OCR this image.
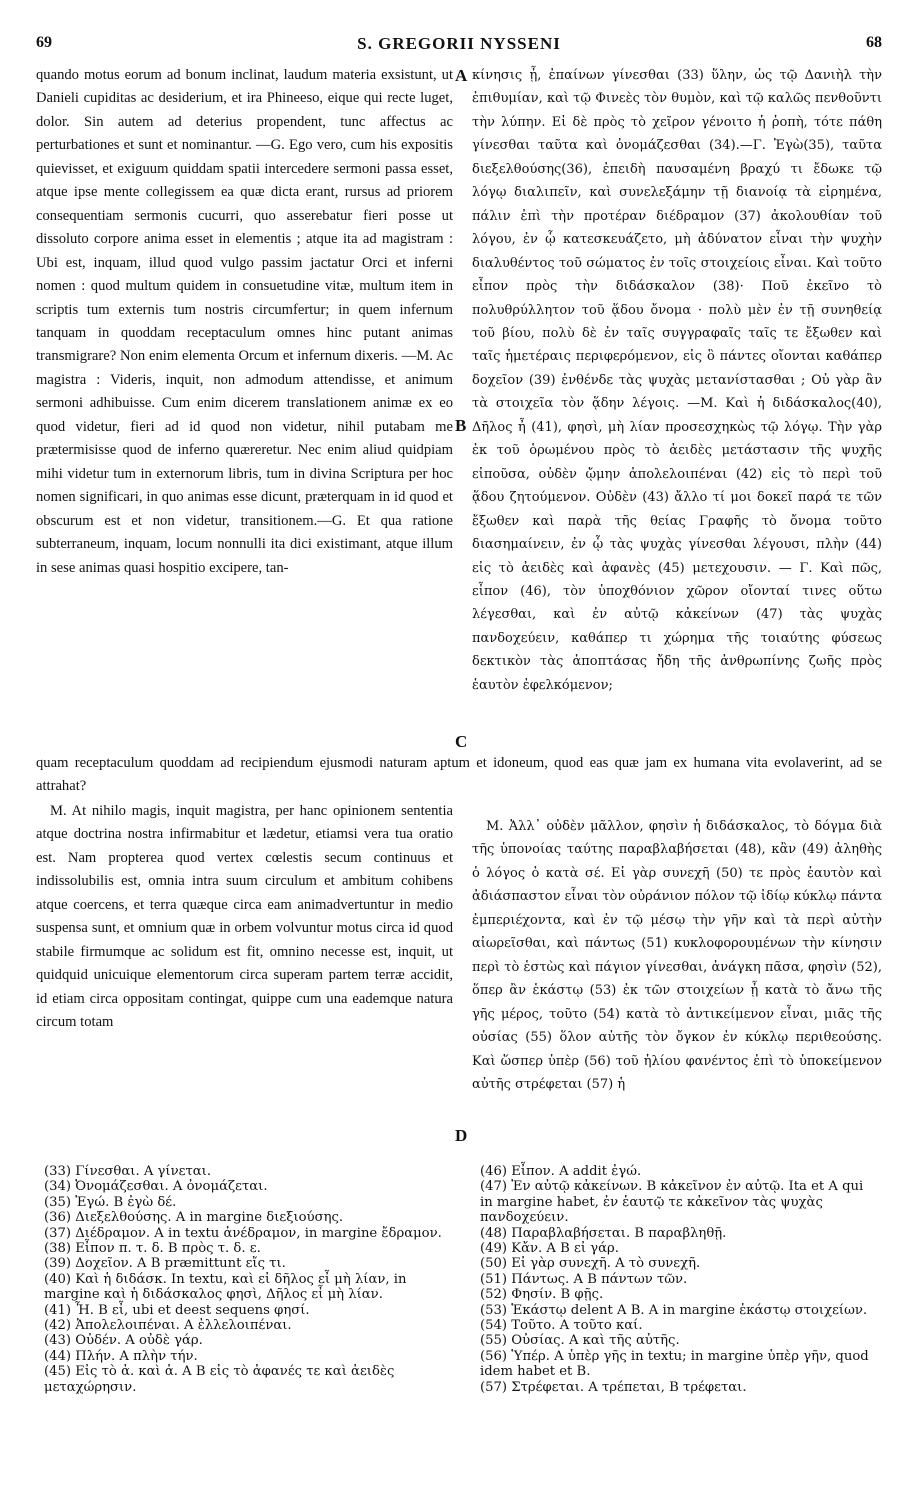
69	S. GREGORII NYSSENI	68

quando motus eorum ad bonum inclinat, laudum materia exsistunt, ut Danieli cupiditas ac desiderium, et ira Phineeso, eique qui recte luget, dolor. Sin autem ad deterius propendent, tunc affectus ac perturbationes et sunt et nominantur. —G. Ego vero, cum his expositis quievisset, et exiguum quiddam spatii intercedere sermoni passa esset, atque ipse mente collegissem ea quæ dicta erant, rursus ad priorem consequentiam sermonis cucurri, quo asserebatur fieri posse ut dissoluto corpore anima esset in elementis ; atque ita ad magistram : Ubi est, inquam, illud quod vulgo passim jactatur Orci et inferni nomen : quod multum quidem in consuetudine vitæ, multum item in scriptis tum externis tum nostris circumfertur; in quem infernum tanquam in quoddam receptaculum omnes hinc putant animas transmigrare? Non enim elementa Orcum et infernum dixeris. —M. Ac magistra : Videris, inquit, non admodum attendisse, et animum sermoni adhibuisse. Cum enim dicerem translationem animæ ex eo quod videtur, fieri ad id quod non videtur, nihil putabam me prætermisisse quod de inferno quæreretur. Nec enim aliud quidpiam mihi videtur tum in externorum libris, tum in divina Scriptura per hoc nomen significari, in quo animas esse dicunt, præterquam in id quod et obscurum est et non videtur, transitionem.—G. Et qua ratione subterraneum, inquam, locum nonnulli ita dici existimant, atque illum in sese animas quasi hospitio excipere, tan-

κίνησις ᾖ, ἐπαίνων γίνεσθαι (33) ὕλην, ὡς τῷ Δανιὴλ τὴν ἐπιθυμίαν, καὶ τῷ Φινεὲς τὸν θυμὸν, καὶ τῷ καλῶς πενθοῦντι τὴν λύπην. Εἰ δὲ πρὸς τὸ χεῖρον γένοιτο ἡ ῥοπὴ, τότε πάθη γίνεσθαι ταῦτα καὶ ὀνομάζεσθαι (34).—Γ. Ἐγὼ(35), ταῦτα διεξελθούσης(36), ἐπειδὴ παυσαμένη βραχύ τι ἔδωκε τῷ λόγῳ διαλιπεῖν, καὶ συνελεξάμην τῇ διανοίᾳ τὰ εἰρημένα, πάλιν ἐπὶ τὴν προτέραν διέδραμον (37) ἀκολουθίαν τοῦ λόγου, ἐν ᾧ κατεσκευάζετο, μὴ ἀδύνατον εἶναι τὴν ψυχὴν διαλυθέντος τοῦ σώματος ἐν τοῖς στοιχείοις εἶναι. Καὶ τοῦτο εἶπον πρὸς τὴν διδάσκαλον (38)· Ποῦ ἐκεῖνο τὸ πολυθρύλλητον τοῦ ᾅδου ὄνομα · πολὺ μὲν ἐν τῇ συνηθείᾳ τοῦ βίου, πολὺ δὲ ἐν ταῖς συγγραφαῖς ταῖς τε ἔξωθεν καὶ ταῖς ἡμετέραις περιφερόμενον, εἰς ὃ πάντες οἴονται καθάπερ δοχεῖον (39) ἐνθένδε τὰς ψυχὰς μετανίστασθαι ; Οὐ γὰρ ἂν τὰ στοιχεῖα τὸν ᾅδην λέγοις. —Μ. Καὶ ἡ διδάσκαλος(40), Δῆλος ἦ (41), φησὶ, μὴ λίαν προσεσχηκὼς τῷ λόγῳ. Τὴν γὰρ ἐκ τοῦ ὁρωμένου πρὸς τὸ ἀειδὲς μετάστασιν τῆς ψυχῆς εἰποῦσα, οὐδὲν ᾤμην ἀπολελοιπέναι (42) εἰς τὸ περὶ τοῦ ᾅδου ζητούμενον. Οὐδὲν (43) ἄλλο τί μοι δοκεῖ παρά τε τῶν ἔξωθεν καὶ παρὰ τῆς θείας Γραφῆς τὸ ὄνομα τοῦτο διασημαίνειν, ἐν ᾧ τὰς ψυχὰς γίνεσθαι λέγουσι, πλὴν (44) εἰς τὸ ἀειδὲς καὶ ἀφανὲς (45) μετεχουσιν. — Γ. Καὶ πῶς, εἶπον (46), τὸν ὑποχθόνιον χῶρον οἴονταί τινες οὕτω λέγεσθαι, καὶ ἐν αὐτῷ κἀκείνων (47) τὰς ψυχὰς πανδοχεύειν, καθάπερ τι χώρημα τῆς τοιαύτης φύσεως δεκτικὸν τὰς ἀποπτάσας ἤδη τῆς ἀνθρωπίνης ζωῆς πρὸς ἑαυτὸν ἐφελκόμενον;

A
B
C
D

quam receptaculum quoddam ad recipiendum ejusmodi naturam aptum et idoneum, quod eas quæ jam ex humana vita evolaverint, ad se attrahat?

M. At nihilo magis, inquit magistra, per hanc opinionem sententia atque doctrina nostra infirmabitur et lædetur, etiamsi vera tua oratio est. Nam propterea quod vertex cœlestis secum continuus et indissolubilis est, omnia intra suum circulum et ambitum cohibens atque coercens, et terra quæque circa eam animadvertuntur in medio suspensa sunt, et omnium quæ in orbem volvuntur motus circa id quod stabile firmumque ac solidum est fit, omnino necesse est, inquit, ut quidquid unicuique elementorum circa superam partem terræ accidit, id etiam circa oppositam contingat, quippe cum una eademque natura circum totam

Μ. Ἀλλ᾽ οὐδὲν μᾶλλον, φησὶν ἡ διδάσκαλος, τὸ δόγμα διὰ τῆς ὑπονοίας ταύτης παραβλαβήσεται (48), κἂν (49) ἀληθὴς ὁ λόγος ὁ κατὰ σέ. Εἰ γὰρ συνεχῆ (50) τε πρὸς ἑαυτὸν καὶ ἀδιάσπαστον εἶναι τὸν οὐράνιον πόλον τῷ ἰδίῳ κύκλῳ πάντα ἐμπεριέχοντα, καὶ ἐν τῷ μέσῳ τὴν γῆν καὶ τὰ περὶ αὐτὴν αἰωρεῖσθαι, καὶ πάντως (51) κυκλοφορουμένων τὴν κίνησιν περὶ τὸ ἑστὼς καὶ πάγιον γίνεσθαι, ἀνάγκη πᾶσα, φησὶν (52), ὅπερ ἂν ἑκάστῳ (53) ἐκ τῶν στοιχείων ᾖ κατὰ τὸ ἄνω τῆς γῆς μέρος, τοῦτο (54) κατὰ τὸ ἀντικείμενον εἶναι, μιᾶς τῆς οὐσίας (55) ὅλον αὐτῆς τὸν ὄγκον ἐν κύκλῳ περιθεούσης. Καὶ ὥσπερ ὑπὲρ (56) τοῦ ἡλίου φανέντος ἐπὶ τὸ ὑποκείμενον αὐτῆς στρέφεται (57) ἡ

(33) Γίνεσθαι. A γίνεται.
(34) Ὀνομάζεσθαι. A ὀνομάζεται.
(35) Ἐγώ. B ἐγὼ δέ.
(36) Διεξελθούσης. A in margine διεξιούσης.
(37) Διέδραμον. A in textu ἀνέδραμον, in margine ἔδραμον.
(38) Εἶπον π. τ. δ. B πρὸς τ. δ. ε.
(39) Δοχεῖον. A B præmittunt εἴς τι.
(40) Καὶ ἡ διδάσκ. In textu, καὶ εἰ δῆλος εἶ μὴ λίαν, in margine καὶ ἡ διδάσκαλος φησὶ, Δῆλος εἶ μὴ λίαν.
(41) Ἦ. B εἶ, ubi et deest sequens φησί.
(42) Ἀπολελοιπέναι. A ἐλλελοιπέναι.
(43) Οὐδέν. A οὐδὲ γάρ.
(44) Πλήν. A πλὴν τήν.
(45) Εἰς τὸ ἀ. καὶ ἀ. A B εἰς τὸ ἀφανές τε καὶ ἀειδὲς μεταχώρησιν.
(46) Εἶπον. A addit ἐγώ.
(47) Ἐν αὐτῷ κἀκείνων. B κἀκεῖνον ἐν αὐτῷ. Ita et A qui in margine habet, ἐν ἑαυτῷ τε κἀκεῖνον τὰς ψυχὰς πανδοχεύειν.
(48) Παραβλαβήσεται. B παραβληθῇ.
(49) Κἄν. A B εἰ γάρ.
(50) Εἰ γὰρ συνεχῆ. A τὸ συνεχῆ.
(51) Πάντως. A B πάντων τῶν.
(52) Φησίν. B φῇς.
(53) Ἑκάστῳ delent A B. A in margine ἑκάστῳ στοιχείων.
(54) Τοῦτο. A τοῦτο καί.
(55) Οὐσίας. A καὶ τῆς αὐτῆς.
(56) Ὑπέρ. A ὑπὲρ γῆς in textu; in margine ὑπὲρ γῆν, quod idem habet et B.
(57) Στρέφεται. A τρέπεται, B τρέφεται.
